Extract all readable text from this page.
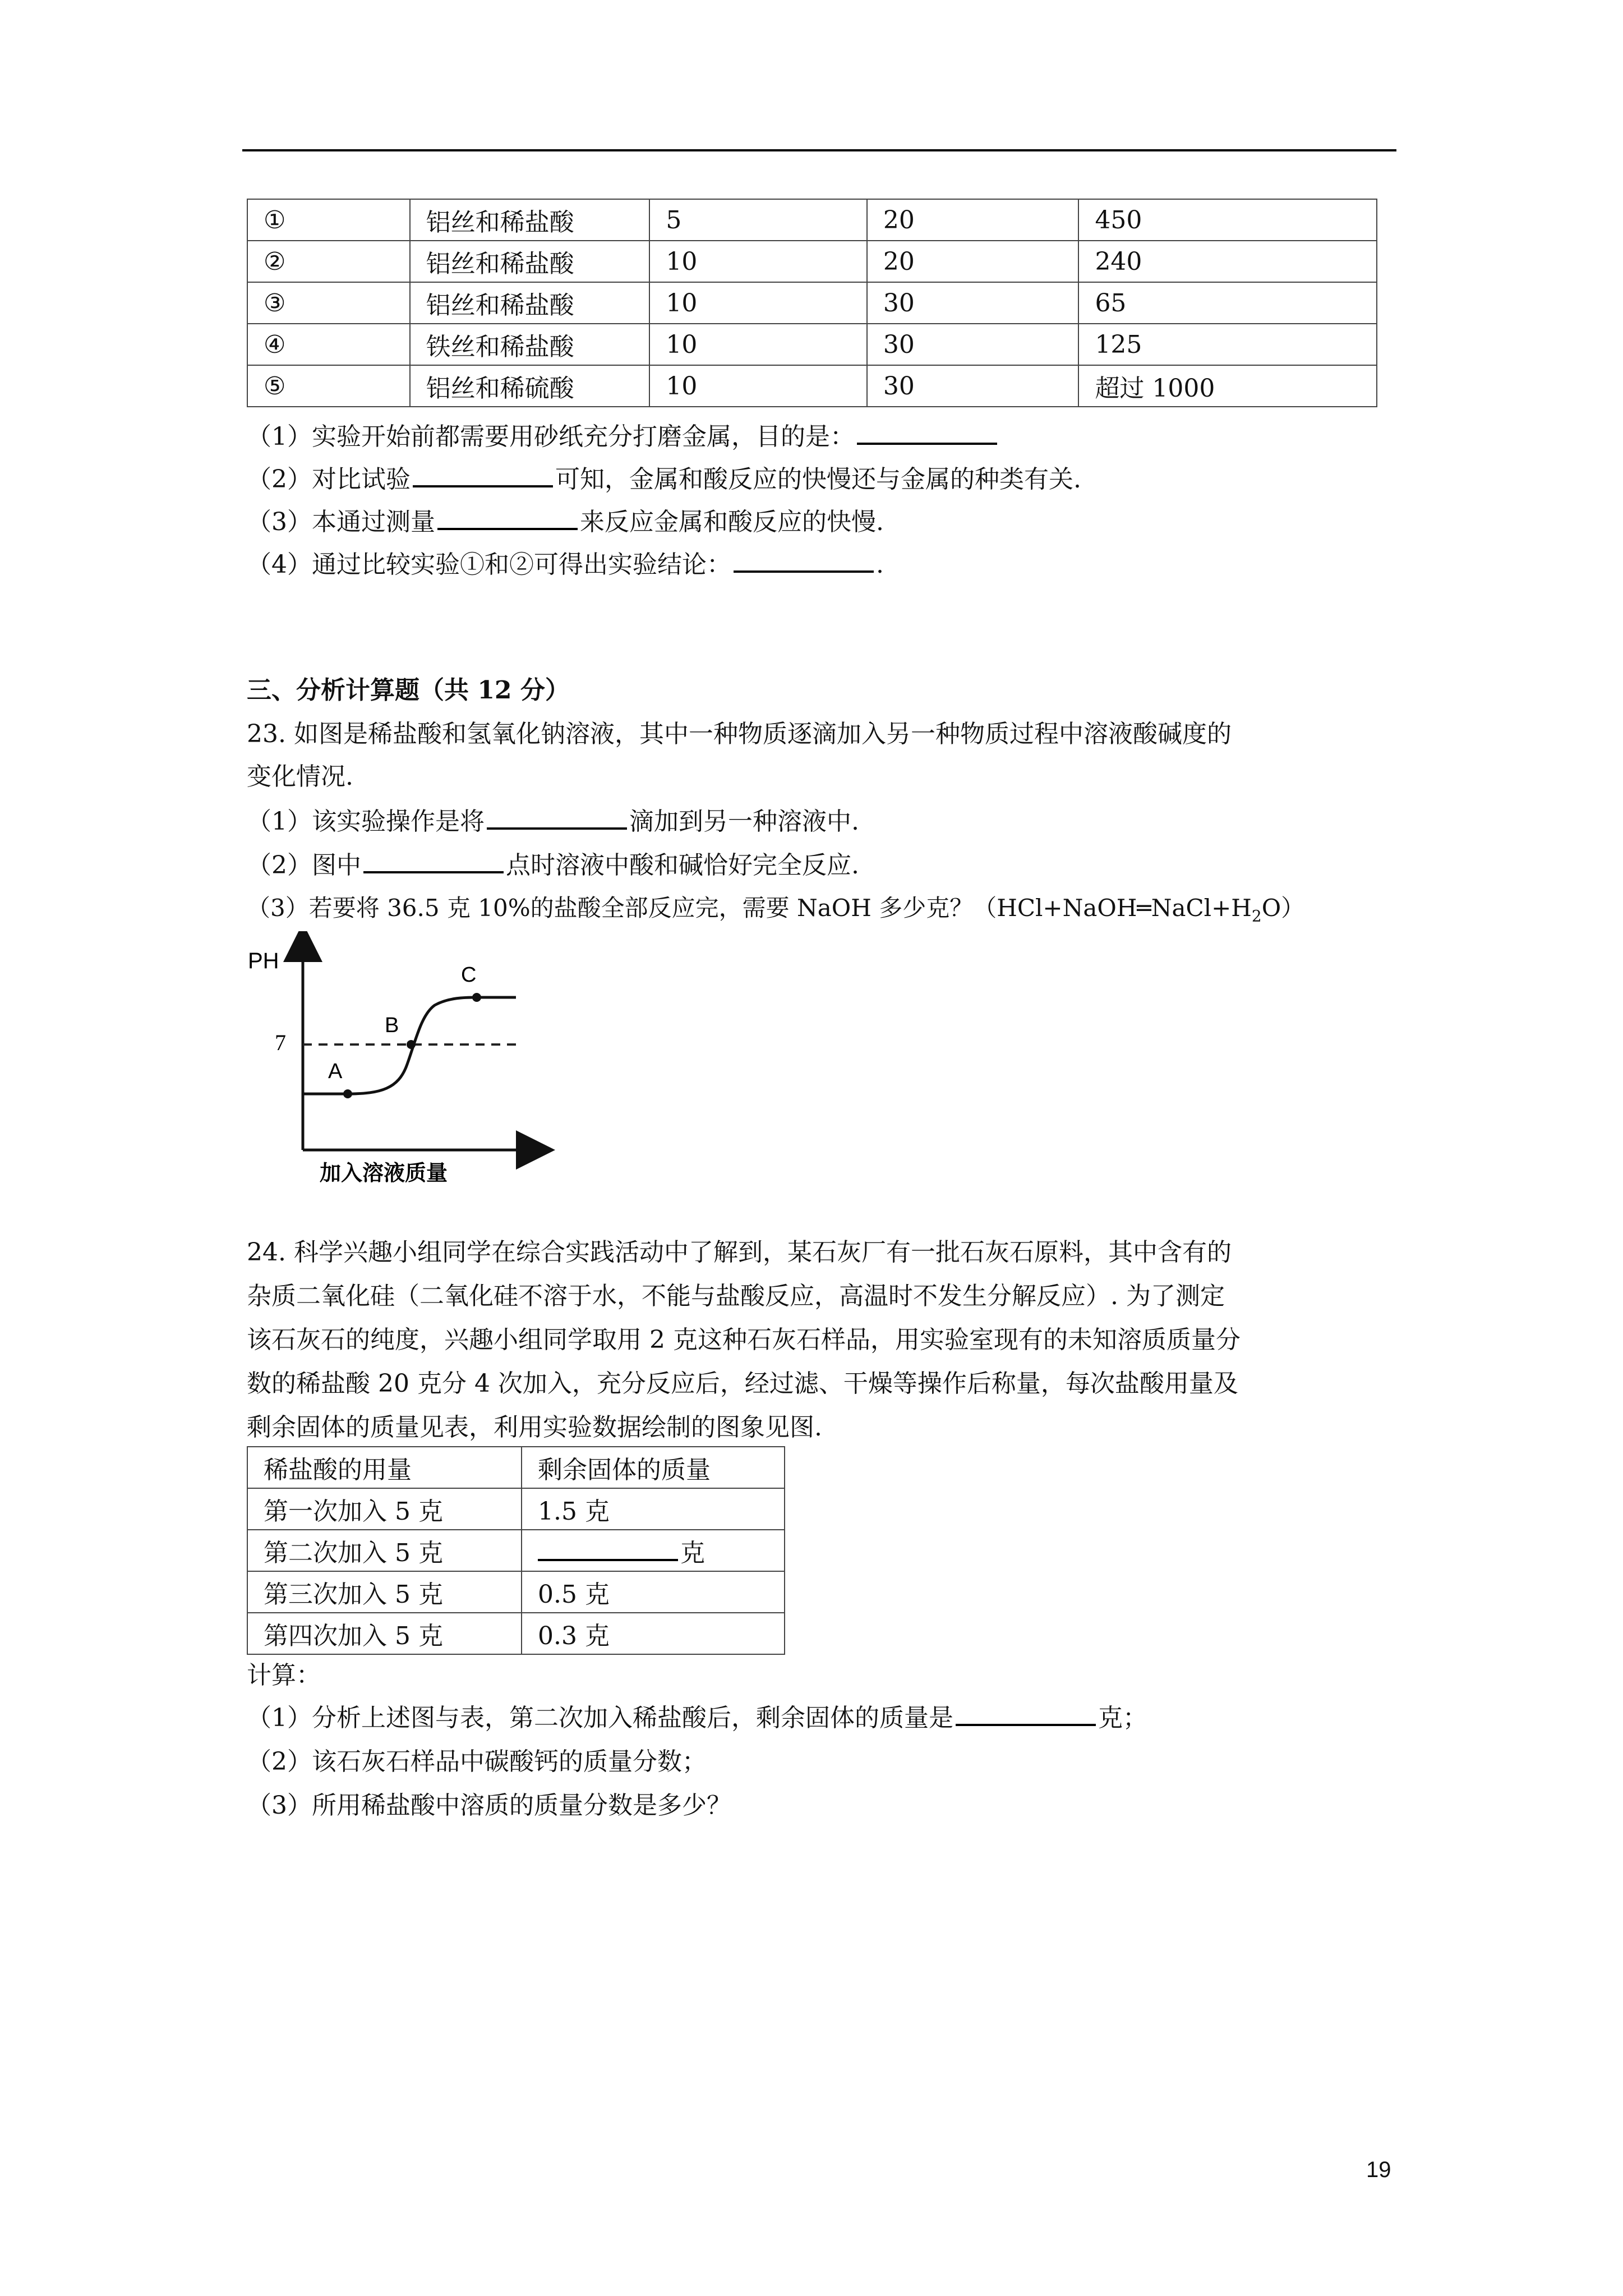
①	铝丝和稀盐酸	5	20	450
②	铝丝和稀盐酸	10	20	240
③	铝丝和稀盐酸	10	30	65
④	铁丝和稀盐酸	10	30	125
⑤	铝丝和稀硫酸	10	30	超过 1000
（1）实验开始前都需要用砂纸充分打磨金属，目的是：
（2）对比试验	可知，金属和酸反应的快慢还与金属的种类有关.
（3）本通过测量	来反应金属和酸反应的快慢.
（4）通过比较实验①和②可得出实验结论：	.
三、分析计算题（共 12 分）
23. 如图是稀盐酸和氢氧化钠溶液，其中一种物质逐滴加入另一种物质过程中溶液酸碱度的
变化情况.
（1）该实验操作是将	滴加到另一种溶液中.
（2）图中	点时溶液中酸和碱恰好完全反应.
（3）若要将 36.5 克 10%的盐酸全部反应完，需要 NaOH 多少克？$(HCl+NaOH═NaCl+H_2O)$
PH
7
A
B
C
加入溶液质量
24. 科学兴趣小组同学在综合实践活动中了解到，某石灰厂有一批石灰石原料，其中含有的
杂质二氧化硅（二氧化硅不溶于水，不能与盐酸反应，高温时不发生分解反应）. 为了测定
该石灰石的纯度，兴趣小组同学取用 2 克这种石灰石样品，用实验室现有的未知溶质质量分
数的稀盐酸 20 克分 4 次加入，充分反应后，经过滤、干燥等操作后称量，每次盐酸用量及
剩余固体的质量见表，利用实验数据绘制的图象见图.
稀盐酸的用量	剩余固体的质量
第一次加入 5 克	1.5 克
第二次加入 5 克	克
第三次加入 5 克	0.5 克
第四次加入 5 克	0.3 克
计算：
（1）分析上述图与表，第二次加入稀盐酸后，剩余固体的质量是	克；
（2）该石灰石样品中碳酸钙的质量分数；
（3）所用稀盐酸中溶质的质量分数是多少？
19
